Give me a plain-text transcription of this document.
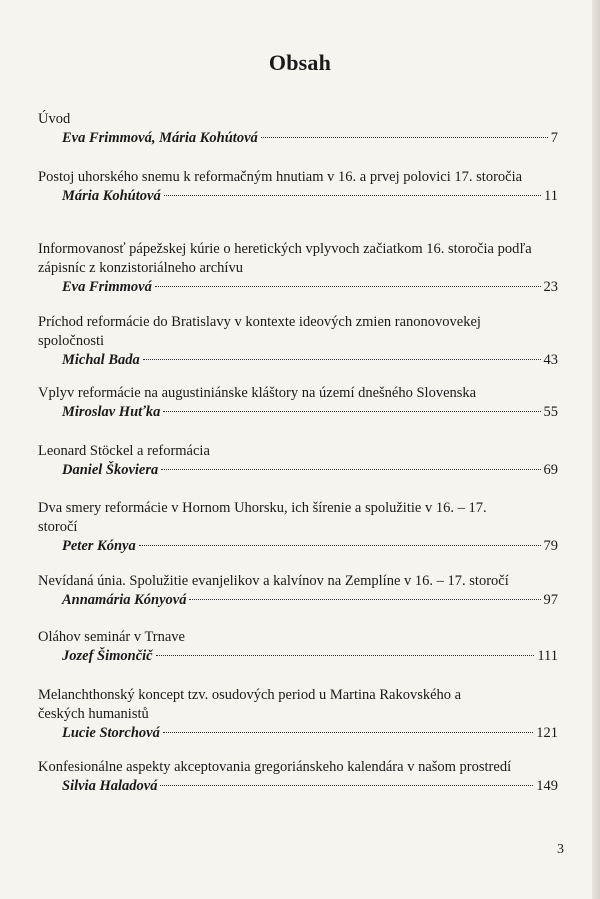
Obsah
Úvod
Eva Frimmová, Mária Kohútová	7
Postoj uhorského snemu k reformačným hnutiam v 16. a prvej polovici 17. storočia
Mária Kohútová	11
Informovanosť pápežskej kúrie o heretických vplyvoch začiatkom 16. storočia podľa zápisníc z konzistoriálneho archívu
Eva Frimmová	23
Príchod reformácie do Bratislavy v kontexte ideových zmien ranonovovekej spoločnosti
Michal Bada	43
Vplyv reformácie na augustiniánske kláštory na území dnešného Slovenska
Miroslav Huťka	55
Leonard Stöckel a reformácia
Daniel Škoviera	69
Dva smery reformácie v Hornom Uhorsku, ich šírenie a spolužitie v 16. – 17. storočí
Peter Kónya	79
Nevídaná únia. Spolužitie evanjelikov a kalvínov na Zemplíne v 16. – 17. storočí
Annamária Kónyová	97
Oláhov seminár v Trnave
Jozef Šimončič	111
Melanchthonský koncept tzv. osudových period u Martina Rakovského a českých humanistů
Lucie Storchová	121
Konfesionálne aspekty akceptovania gregoriánskeho kalendára v našom prostredí
Silvia Haladová	149
3
